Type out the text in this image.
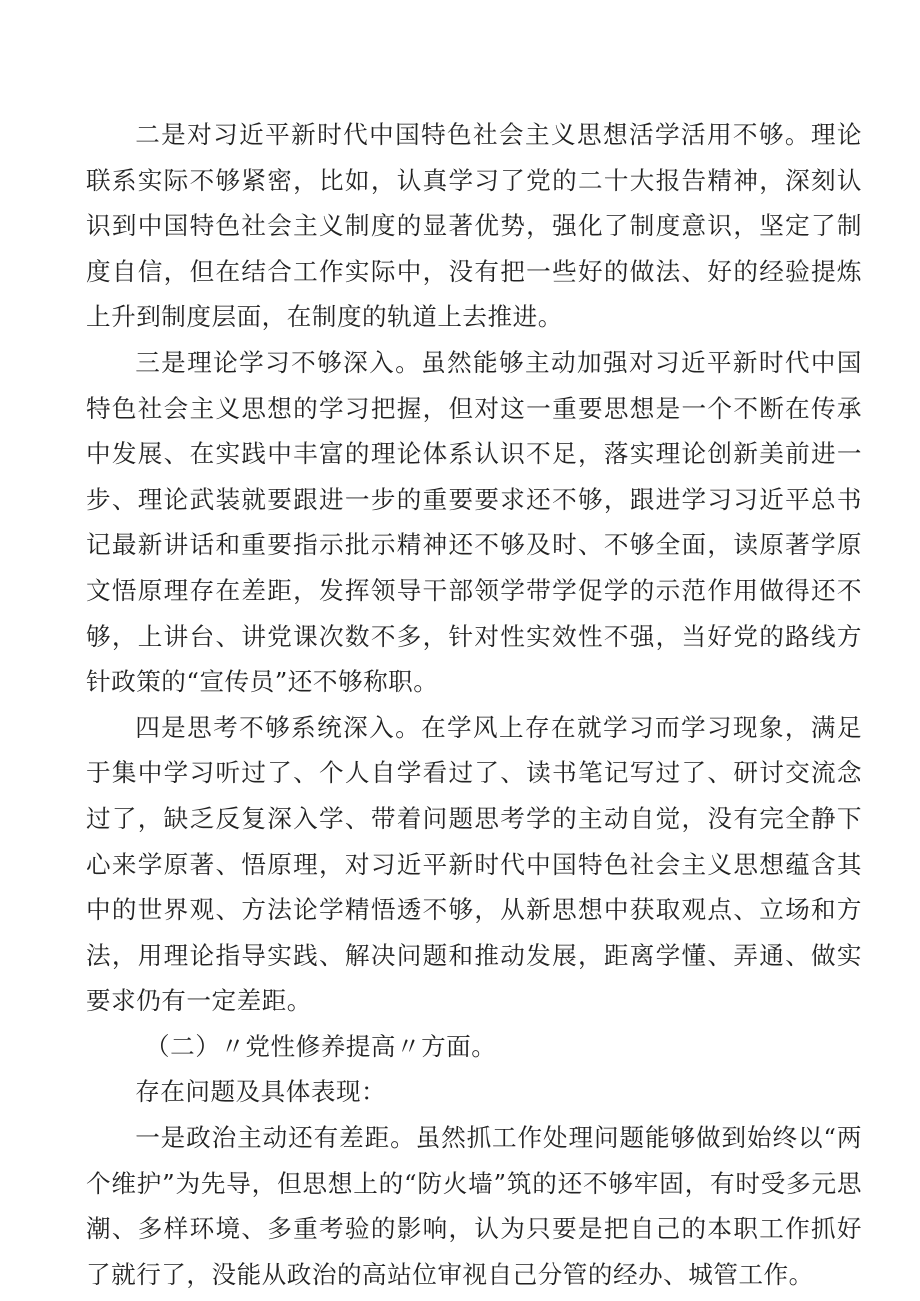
二是对习近平新时代中国特色社会主义思想活学活用不够。理论联系实际不够紧密，比如，认真学习了党的二十大报告精神，深刻认识到中国特色社会主义制度的显著优势，强化了制度意识，坚定了制度自信，但在结合工作实际中，没有把一些好的做法、好的经验提炼上升到制度层面，在制度的轨道上去推进。

三是理论学习不够深入。虽然能够主动加强对习近平新时代中国特色社会主义思想的学习把握，但对这一重要思想是一个不断在传承中发展、在实践中丰富的理论体系认识不足，落实理论创新美前进一步、理论武装就要跟进一步的重要要求还不够，跟进学习习近平总书记最新讲话和重要指示批示精神还不够及时、不够全面，读原著学原文悟原理存在差距，发挥领导干部领学带学促学的示范作用做得还不够，上讲台、讲党课次数不多，针对性实效性不强，当好党的路线方针政策的“宣传员”还不够称职。

四是思考不够系统深入。在学风上存在就学习而学习现象，满足于集中学习听过了、个人自学看过了、读书笔记写过了、研讨交流念过了，缺乏反复深入学、带着问题思考学的主动自觉，没有完全静下心来学原著、悟原理，对习近平新时代中国特色社会主义思想蕴含其中的世界观、方法论学精悟透不够，从新思想中获取观点、立场和方法，用理论指导实践、解决问题和推动发展，距离学懂、弄通、做实要求仍有一定差距。

（二）〃党性修养提高〃方面。

存在问题及具体表现：

一是政治主动还有差距。虽然抓工作处理问题能够做到始终以“两个维护”为先导，但思想上的“防火墙”筑的还不够牢固，有时受多元思潮、多样环境、多重考验的影响，认为只要是把自己的本职工作抓好了就行了，没能从政治的高站位审视自己分管的经办、城管工作。
